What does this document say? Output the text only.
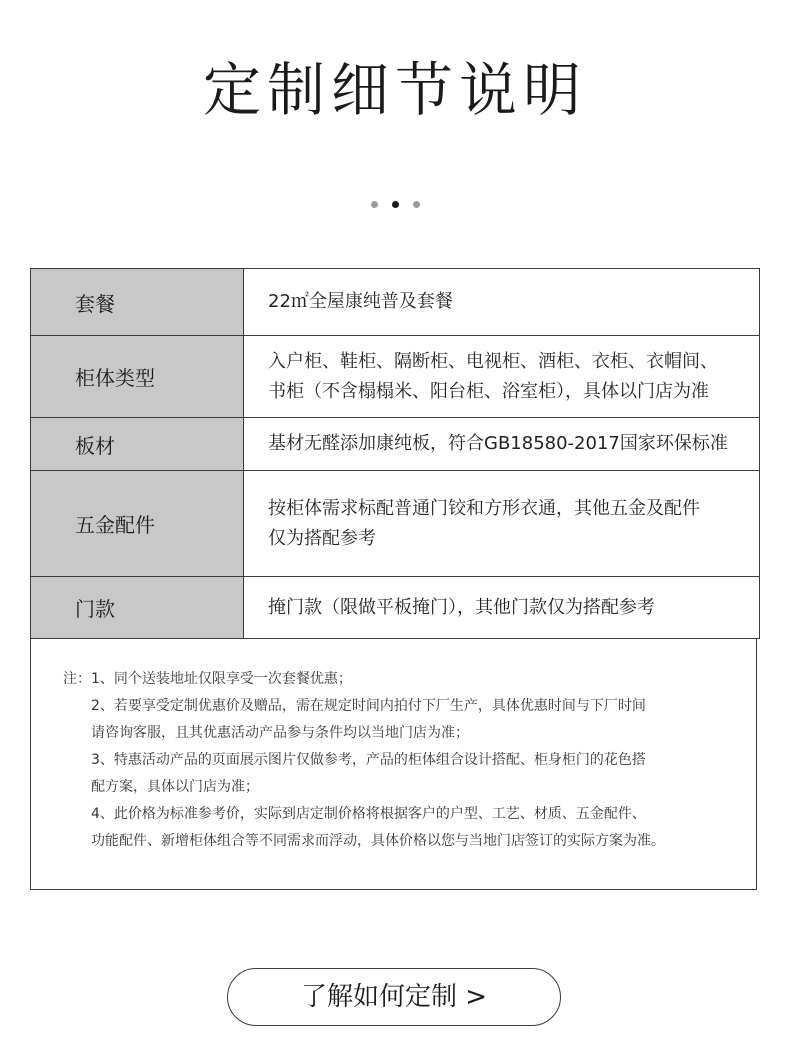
定制细节说明
套餐	22㎡全屋康纯普及套餐
柜体类型	入户柜、鞋柜、隔断柜、电视柜、酒柜、衣柜、衣帽间、
书柜（不含榻榻米、阳台柜、浴室柜），具体以门店为准
板材	基材无醛添加康纯板，符合GB18580-2017国家环保标准
五金配件	按柜体需求标配普通门铰和方形衣通，其他五金及配件
仅为搭配参考
门款	掩门款（限做平板掩门），其他门款仅为搭配参考
注：1、同个送装地址仅限享受一次套餐优惠；
2、若要享受定制优惠价及赠品，需在规定时间内拍付下厂生产，具体优惠时间与下厂时间
请咨询客服，且其优惠活动产品参与条件均以当地门店为准；
3、特惠活动产品的页面展示图片仅做参考，产品的柜体组合设计搭配、柜身柜门的花色搭
配方案，具体以门店为准；
4、此价格为标准参考价，实际到店定制价格将根据客户的户型、工艺、材质、五金配件、
功能配件、新增柜体组合等不同需求而浮动，具体价格以您与当地门店签订的实际方案为准。
了解如何定制 >
